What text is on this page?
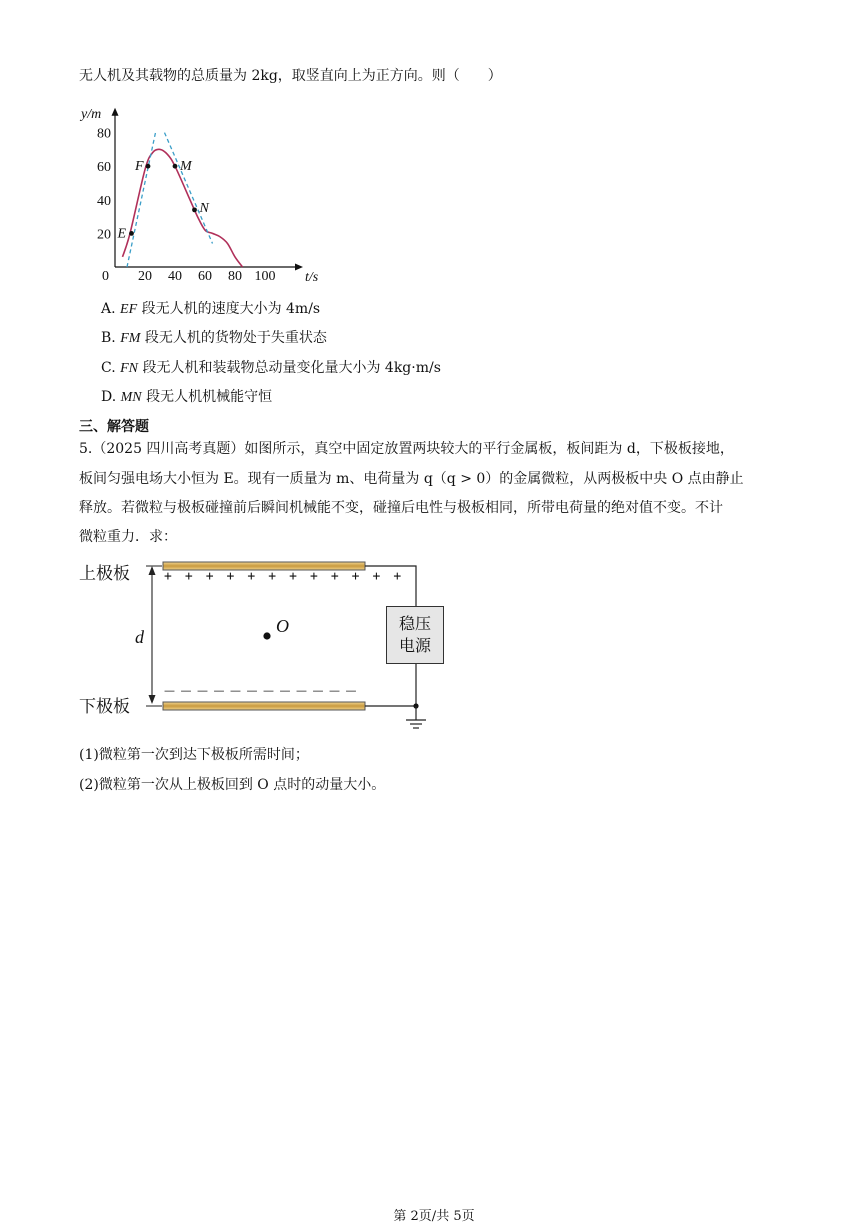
无人机及其载物的总质量为 2kg，取竖直向上为正方向。则（　　）
0 20 40 60 80 100
20
40
60
80
t/s
y/m
E
F	M
N
A. EF 段无人机的速度大小为 4m/s
B. FM 段无人机的货物处于失重状态
C. FN 段无人机和装载物总动量变化量大小为 4kg·m/s
D. MN 段无人机机械能守恒
三、解答题
5.（2025 四川高考真题）如图所示，真空中固定放置两块较大的平行金属板，板间距为 d，下极板接地，
板间匀强电场大小恒为 E。现有一质量为 m、电荷量为 q（q > 0）的金属微粒，从两极板中央 O 点由静止
释放。若微粒与极板碰撞前后瞬间机械能不变，碰撞后电性与极板相同，所带电荷量的绝对值不变。不计
微粒重力．求：
+ + + + + + + + + + + +
— — — — — — — — — — — —
上极板
下极板
d
O	稳压
电源
(1)微粒第一次到达下极板所需时间；
(2)微粒第一次从上极板回到 O 点时的动量大小。
第 2页/共 5页
